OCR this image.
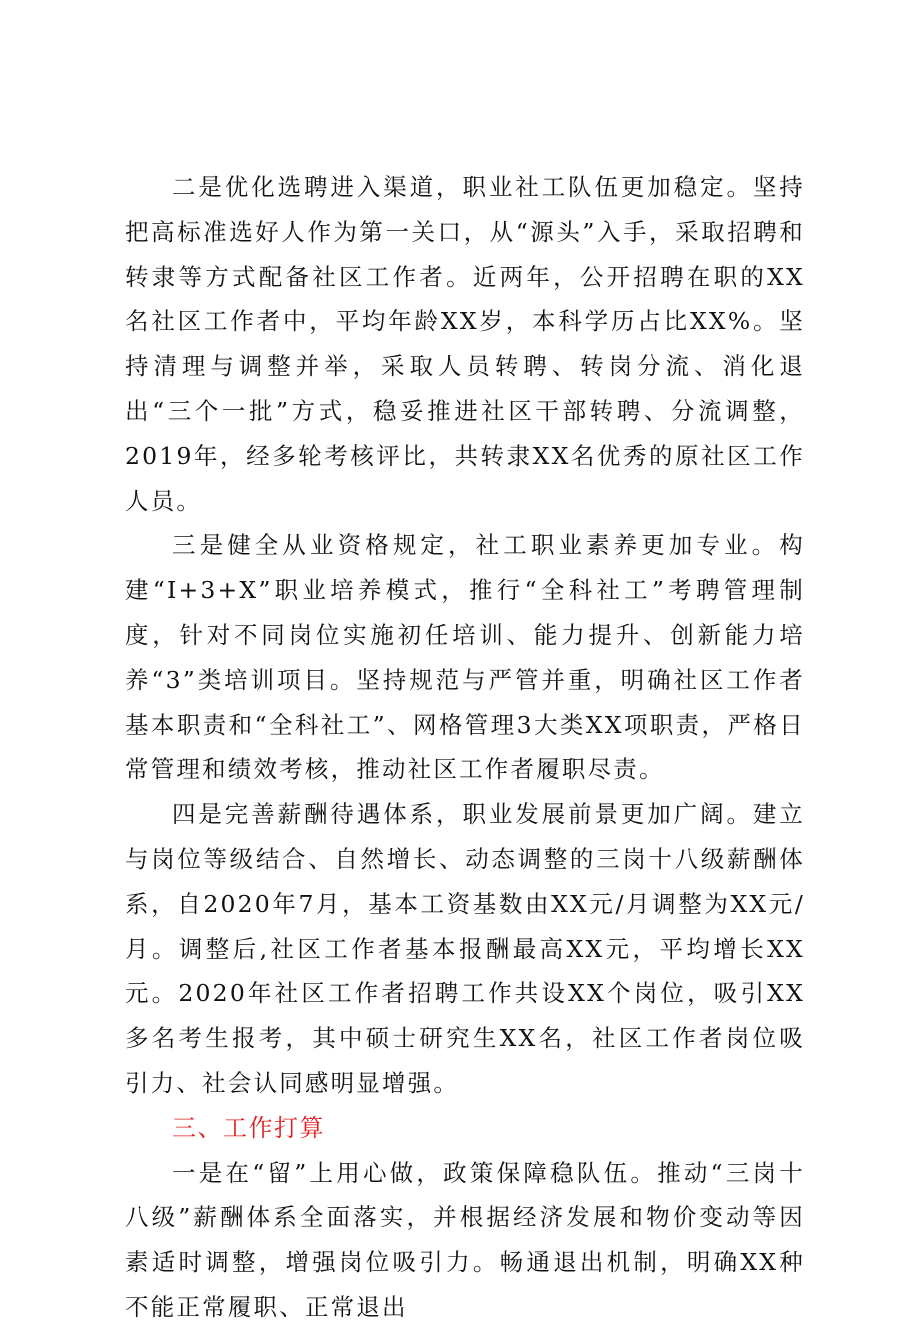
二是优化选聘进入渠道，职业社工队伍更加稳定。坚持把高标准选好人作为第一关口，从“源头”入手，采取招聘和转隶等方式配备社区工作者。近两年，公开招聘在职的XX名社区工作者中，平均年龄XX岁，本科学历占比XX%。坚持清理与调整并举，采取人员转聘、转岗分流、消化退出“三个一批”方式，稳妥推进社区干部转聘、分流调整，2019年，经多轮考核评比，共转隶XX名优秀的原社区工作人员。

三是健全从业资格规定，社工职业素养更加专业。构建“I+3+X”职业培养模式，推行“全科社工”考聘管理制度，针对不同岗位实施初任培训、能力提升、创新能力培养“3”类培训项目。坚持规范与严管并重，明确社区工作者基本职责和“全科社工”、网格管理3大类XX项职责，严格日常管理和绩效考核，推动社区工作者履职尽责。

四是完善薪酬待遇体系，职业发展前景更加广阔。建立与岗位等级结合、自然增长、动态调整的三岗十八级薪酬体系，自2020年7月，基本工资基数由XX元/月调整为XX元/月。调整后,社区工作者基本报酬最高XX元，平均增长XX元。2020年社区工作者招聘工作共设XX个岗位，吸引XX多名考生报考，其中硕士研究生XX名，社区工作者岗位吸引力、社会认同感明显增强。

三、工作打算

一是在“留”上用心做，政策保障稳队伍。推动“三岗十八级”薪酬体系全面落实，并根据经济发展和物价变动等因素适时调整，增强岗位吸引力。畅通退出机制，明确XX种不能正常履职、正常退出
